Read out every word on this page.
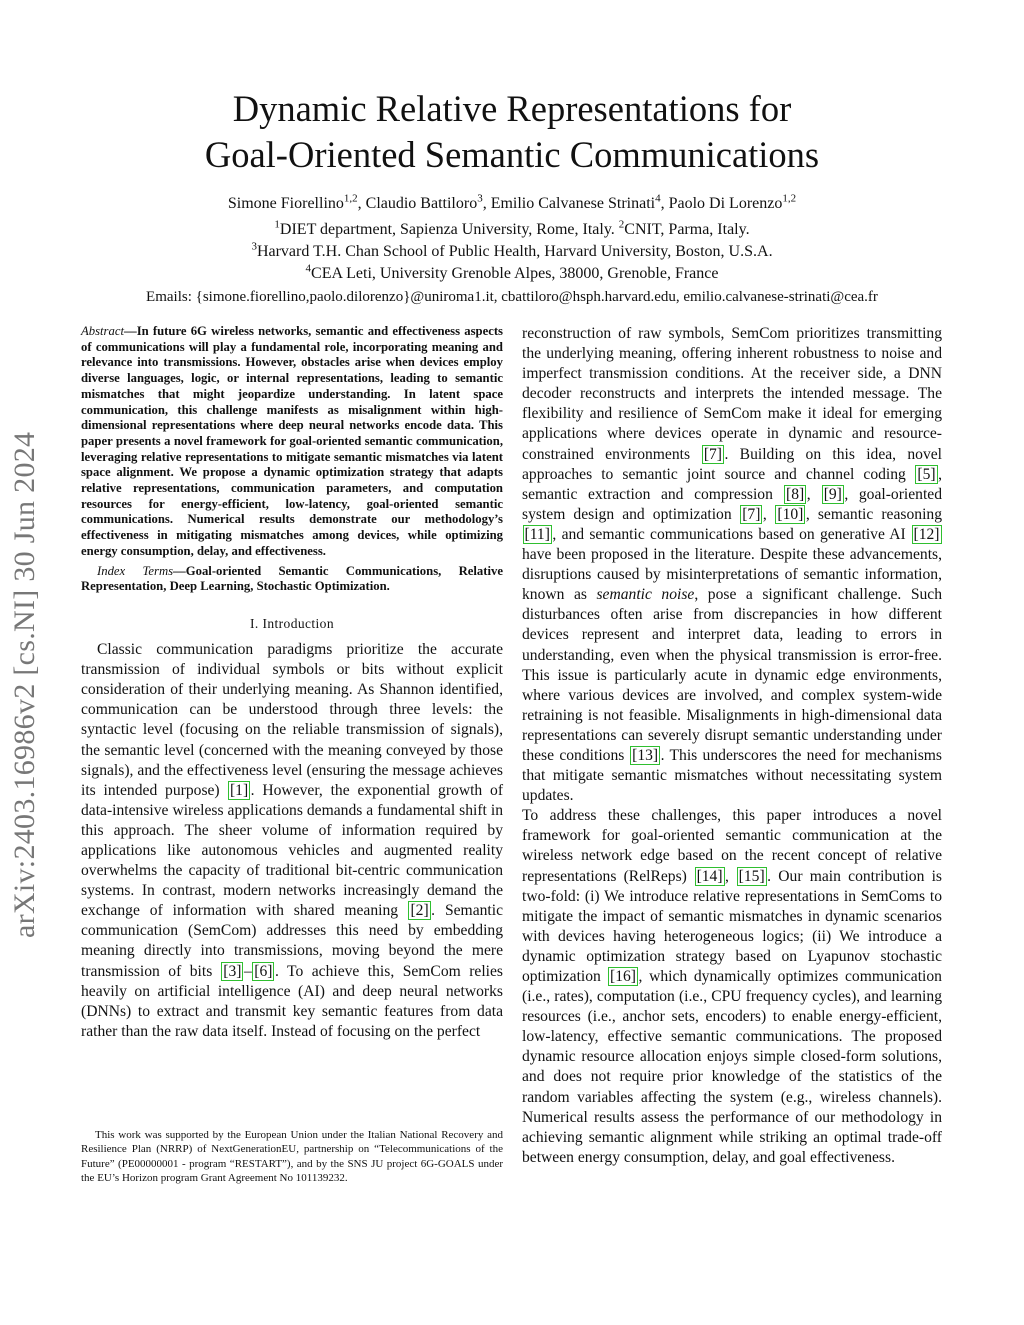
arXiv:2403.16986v2 [cs.NI] 30 Jun 2024
Dynamic Relative Representations for
Goal-Oriented Semantic Communications
Simone Fiorellino$^{1,2}$, Claudio Battiloro$^3$, Emilio Calvanese Strinati$^4$, Paolo Di Lorenzo$^{1,2}$
$^1$DIET department, Sapienza University, Rome, Italy. $^2$CNIT, Parma, Italy.
$^3$Harvard T.H. Chan School of Public Health, Harvard University, Boston, U.S.A.
$^4$CEA Leti, University Grenoble Alpes, 38000, Grenoble, France
Emails: {simone.fiorellino,paolo.dilorenzo}@uniroma1.it, cbattiloro@hsph.harvard.edu, emilio.calvanese-strinati@cea.fr

Abstract—In future 6G wireless networks, semantic and effectiveness aspects of communications will play a fundamental role, incorporating meaning and relevance into transmissions. However, obstacles arise when devices employ diverse languages, logic, or internal representations, leading to semantic mismatches that might jeopardize understanding. In latent space communication, this challenge manifests as misalignment within high-dimensional representations where deep neural networks encode data. This paper presents a novel framework for goal-oriented semantic communication, leveraging relative representations to mitigate semantic mismatches via latent space alignment. We propose a dynamic optimization strategy that adapts relative representations, communication parameters, and computation resources for energy-efficient, low-latency, goal-oriented semantic communications. Numerical results demonstrate our methodology’s effectiveness in mitigating mismatches among devices, while optimizing energy consumption, delay, and effectiveness.

Index Terms—Goal-oriented Semantic Communications, Relative Representation, Deep Learning, Stochastic Optimization.

I. Introduction

Classic communication paradigms prioritize the accurate transmission of individual symbols or bits without explicit consideration of their underlying meaning. As Shannon identified, communication can be understood through three levels: the syntactic level (focusing on the reliable transmission of signals), the semantic level (concerned with the meaning conveyed by those signals), and the effectiveness level (ensuring the message achieves its intended purpose) [1] . However, the exponential growth of data-intensive wireless applications demands a fundamental shift in this approach. The sheer volume of information required by applications like autonomous vehicles and augmented reality overwhelms the capacity of traditional bit-centric communication systems. In contrast, modern networks increasingly demand the exchange of information with shared meaning [2] . Semantic communication (SemCom) addresses this need by embedding meaning directly into transmissions, moving beyond the mere transmission of bits [3] – [6] . To achieve this, SemCom relies heavily on artificial intelligence (AI) and deep neural networks (DNNs) to extract and transmit key semantic features from data rather than the raw data itself. Instead of focusing on the perfect

This work was supported by the European Union under the Italian National Recovery and Resilience Plan (NRRP) of NextGenerationEU, partnership on “Telecommunications of the Future” (PE00000001 - program “RESTART”), and by the SNS JU project 6G-GOALS under the EU’s Horizon program Grant Agreement No 101139232.

reconstruction of raw symbols, SemCom prioritizes transmitting the underlying meaning, offering inherent robustness to noise and imperfect transmission conditions. At the receiver side, a DNN decoder reconstructs and interprets the intended message. The flexibility and resilience of SemCom make it ideal for emerging applications where devices operate in dynamic and resource-constrained environments [7] . Building on this idea, novel approaches to semantic joint source and channel coding [5] , semantic extraction and compression [8] , [9] , goal-oriented system design and optimization [7] , [10] , semantic reasoning [11] , and semantic communications based on generative AI [12] have been proposed in the literature. Despite these advancements, disruptions caused by misinterpretations of semantic information, known as semantic noise, pose a significant challenge. Such disturbances often arise from discrepancies in how different devices represent and interpret data, leading to errors in understanding, even when the physical transmission is error-free. This issue is particularly acute in dynamic edge environments, where various devices are involved, and complex system-wide retraining is not feasible. Misalignments in high-dimensional data representations can severely disrupt semantic understanding under these conditions [13] . This underscores the need for mechanisms that mitigate semantic mismatches without necessitating system updates.

To address these challenges, this paper introduces a novel framework for goal-oriented semantic communication at the wireless network edge based on the recent concept of relative representations (RelReps) [14] , [15] . Our main contribution is two-fold: (i) We introduce relative representations in SemComs to mitigate the impact of semantic mismatches in dynamic scenarios with devices having heterogeneous logics; (ii) We introduce a dynamic optimization strategy based on Lyapunov stochastic optimization [16] , which dynamically optimizes communication (i.e., rates), computation (i.e., CPU frequency cycles), and learning resources (i.e., anchor sets, encoders) to enable energy-efficient, low-latency, effective semantic communications. The proposed dynamic resource allocation enjoys simple closed-form solutions, and does not require prior knowledge of the statistics of the random variables affecting the system (e.g., wireless channels). Numerical results assess the performance of our methodology in achieving semantic alignment while striking an optimal trade-off between energy consumption, delay, and goal effectiveness.
